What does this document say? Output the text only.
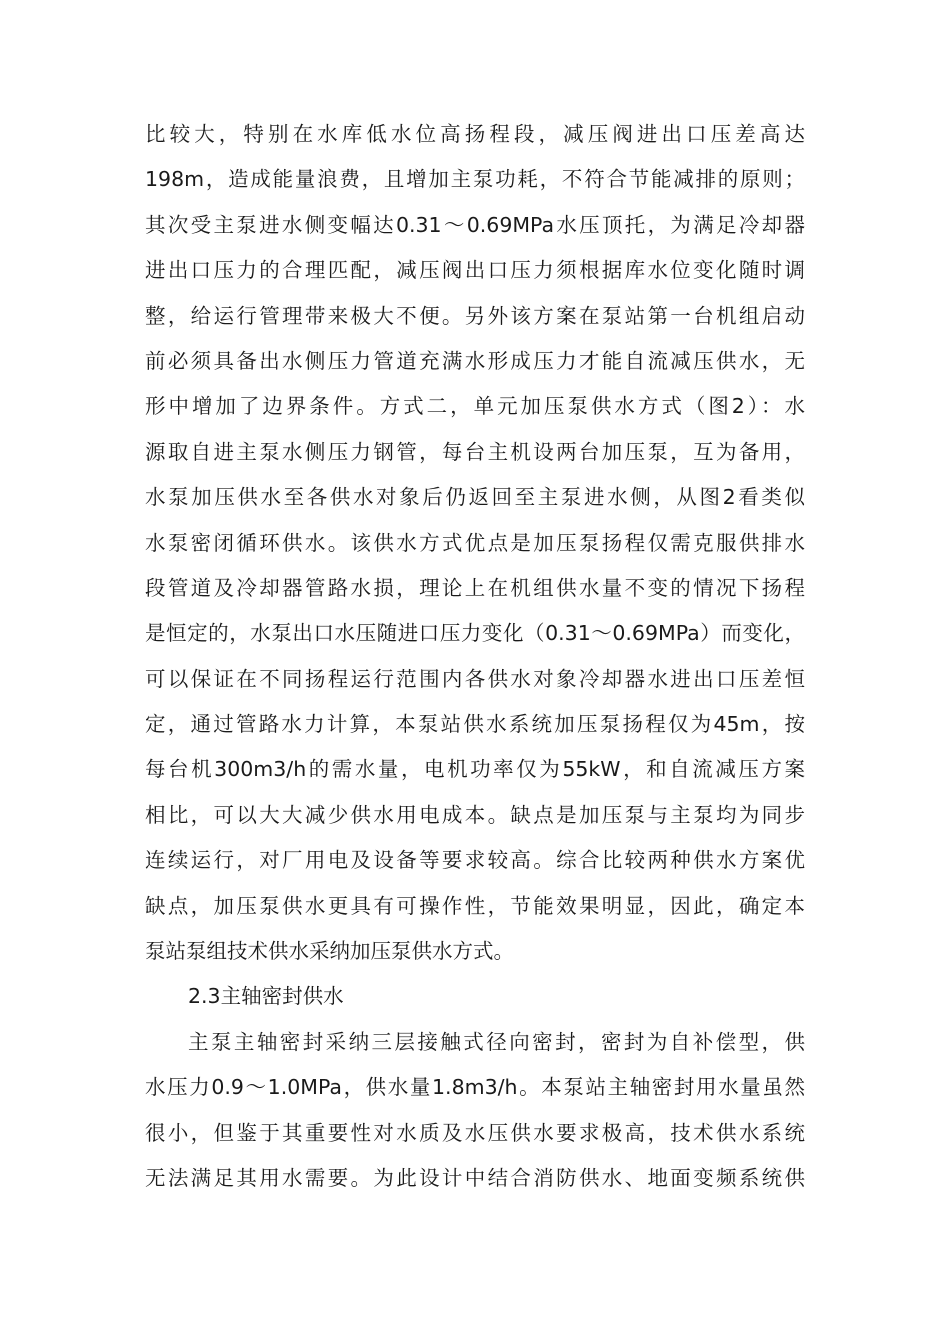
比较大，特别在水库低水位高扬程段，减压阀进出口压差高达
198m，造成能量浪费，且增加主泵功耗，不符合节能减排的原则；
其次受主泵进水侧变幅达0.31～0.69MPa水压顶托，为满足冷却器
进出口压力的合理匹配，减压阀出口压力须根据库水位变化随时调
整，给运行管理带来极大不便。另外该方案在泵站第一台机组启动
前必须具备出水侧压力管道充满水形成压力才能自流减压供水，无
形中增加了边界条件。方式二，单元加压泵供水方式（图2）：水
源取自进主泵水侧压力钢管，每台主机设两台加压泵，互为备用，
水泵加压供水至各供水对象后仍返回至主泵进水侧，从图2看类似
水泵密闭循环供水。该供水方式优点是加压泵扬程仅需克服供排水
段管道及冷却器管路水损，理论上在机组供水量不变的情况下扬程
是恒定的，水泵出口水压随进口压力变化（0.31～0.69MPa）而变化，
可以保证在不同扬程运行范围内各供水对象冷却器水进出口压差恒
定，通过管路水力计算，本泵站供水系统加压泵扬程仅为45m，按
每台机300m3/h的需水量，电机功率仅为55kW，和自流减压方案
相比，可以大大减少供水用电成本。缺点是加压泵与主泵均为同步
连续运行，对厂用电及设备等要求较高。综合比较两种供水方案优
缺点，加压泵供水更具有可操作性，节能效果明显，因此，确定本
泵站泵组技术供水采纳加压泵供水方式。
2.3主轴密封供水
主泵主轴密封采纳三层接触式径向密封，密封为自补偿型，供
水压力0.9～1.0MPa，供水量1.8m3/h。本泵站主轴密封用水量虽然
很小，但鉴于其重要性对水质及水压供水要求极高，技术供水系统
无法满足其用水需要。为此设计中结合消防供水、地面变频系统供
